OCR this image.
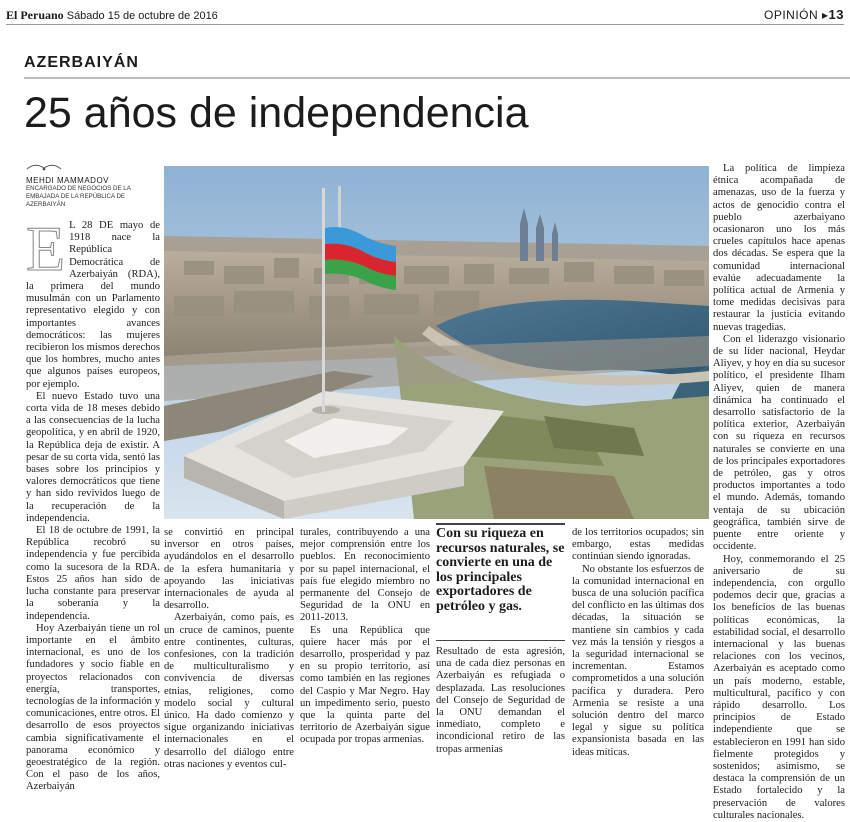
El Peruano Sábado 15 de octubre de 2016	OPINIÓN ▸13
AZERBAIYÁN
25 años de independencia
MEHDI MAMMADOV
ENCARGADO DE NEGOCIOS DE LA EMBAJADA DE LA REPÚBLICA DE AZERBAIYÁN

E L 28 DE mayo de 1918 nace la República Democrática de Azerbaiyán (RDA), la primera del mundo musulmán con un Parlamento representativo elegido y con importantes avances democráticos: las mujeres recibieron los mismos derechos que los hombres, mucho antes que algunos países europeos, por ejemplo.

El nuevo Estado tuvo una corta vida de 18 meses debido a las consecuencias de la lucha geopolítica, y en abril de 1920, la República deja de existir. A pesar de su corta vida, sentó las bases sobre los principios y valores democráticos que tiene y han sido revividos luego de la recuperación de la independencia.

El 18 de octubre de 1991, la República recobró su independencia y fue percibida como la sucesora de la RDA. Estos 25 años han sido de lucha constante para preservar la soberanía y la independencia.

Hoy Azerbaiyán tiene un rol importante en el ámbito internacional, es uno de los fundadores y socio fiable en proyectos relacionados con energía, transportes, tecnologías de la información y comunicaciones, entre otros. El desarrollo de esos proyectos cambia significativamente el panorama económico y geoestratégico de la región. Con el paso de los años, Azerbaiyán

se convirtió en principal inversor en otros países, ayudándolos en el desarrollo de la esfera humanitaria y apoyando las iniciativas internacionales de ayuda al desarrollo.

Azerbaiyán, como país, es un cruce de caminos, puente entre continentes, culturas, confesiones, con la tradición de multiculturalismo y convivencia de diversas etnias, religiones, como modelo social y cultural único. Ha dado comienzo y sigue organizando iniciativas internacionales en el desarrollo del diálogo entre otras naciones y eventos cul-

turales, contribuyendo a una mejor comprensión entre los pueblos. En reconocimiento por su papel internacional, el país fue elegido miembro no permanente del Consejo de Seguridad de la ONU en 2011-2013.

Es una República que quiere hacer más por el desarrollo, prosperidad y paz en su propio territorio, así como también en las regiones del Caspio y Mar Negro. Hay un impedimento serio, puesto que la quinta parte del territorio de Azerbaiyán sigue ocupada por tropas armenias.

Con su riqueza en recursos naturales, se convierte en una de los principales exportadores de petróleo y gas.

Resultado de esta agresión, una de cada diez personas en Azerbaiyán es refugiada o desplazada. Las resoluciones del Consejo de Seguridad de la ONU demandan el inmediato, completo e incondicional retiro de las tropas armenias

de los territorios ocupados; sin embargo, estas medidas continúan siendo ignoradas.

No obstante los esfuerzos de la comunidad internacional en busca de una solución pacífica del conflicto en las últimas dos décadas, la situación se mantiene sin cambios y cada vez más la tensión y riesgos a la seguridad internacional se incrementan. Estamos comprometidos a una solución pacífica y duradera. Pero Armenia se resiste a una solución dentro del marco legal y sigue su política expansionista basada en las ideas míticas.

La política de limpieza étnica acompañada de amenazas, uso de la fuerza y actos de genocidio contra el pueblo azerbaiyano ocasionaron uno los más crueles capítulos hace apenas dos décadas. Se espera que la comunidad internacional evalúe adecuadamente la política actual de Armenia y tome medidas decisivas para restaurar la justicia evitando nuevas tragedias.

Con el liderazgo visionario de su líder nacional, Heydar Aliyev, y hoy en día su sucesor político, el presidente Ilham Aliyev, quien de manera dinámica ha continuado el desarrollo satisfactorio de la política exterior, Azerbaiyán con su riqueza en recursos naturales se convierte en una de los principales exportadores de petróleo, gas y otros productos importantes a todo el mundo. Además, tomando ventaja de su ubicación geográfica, también sirve de puente entre oriente y occidente.

Hoy, conmemorando el 25 aniversario de su independencia, con orgullo podemos decir que, gracias a los beneficios de las buenas políticas económicas, la estabilidad social, el desarrollo internacional y las buenas relaciones con los vecinos, Azerbaiyán es aceptado como un país moderno, estable, multicultural, pacífico y con rápido desarrollo. Los principios de Estado independiente que se establecieron en 1991 han sido fielmente protegidos y sostenidos; asimismo, se destaca la comprensión de un Estado fortalecido y la preservación de valores culturales nacionales.
